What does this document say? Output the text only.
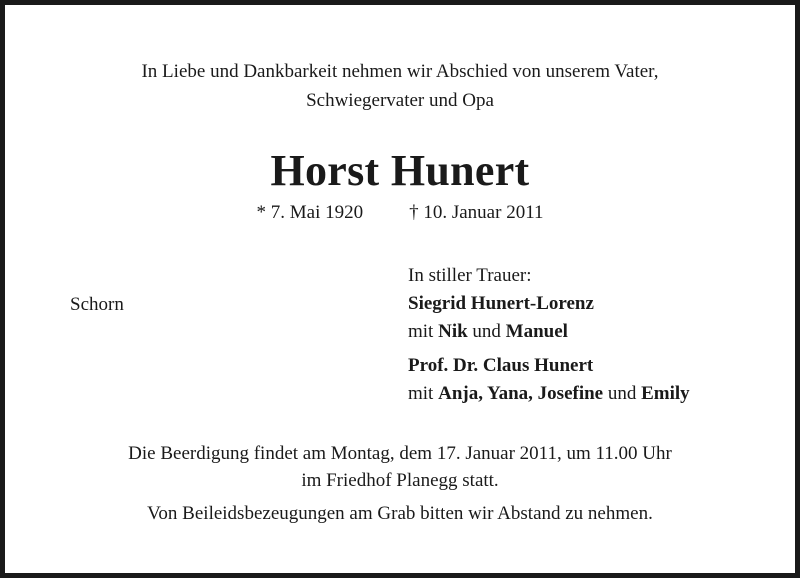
In Liebe und Dankbarkeit nehmen wir Abschied von unserem Vater,
Schwiegervater und Opa
Horst Hunert
* 7. Mai 1920 † 10. Januar 2011
Schorn
In stiller Trauer:
Siegrid Hunert-Lorenz
mit Nik und Manuel
Prof. Dr. Claus Hunert
mit Anja, Yana, Josefine und Emily
Die Beerdigung findet am Montag, dem 17. Januar 2011, um 11.00 Uhr
im Friedhof Planegg statt.
Von Beileidsbezeugungen am Grab bitten wir Abstand zu nehmen.
